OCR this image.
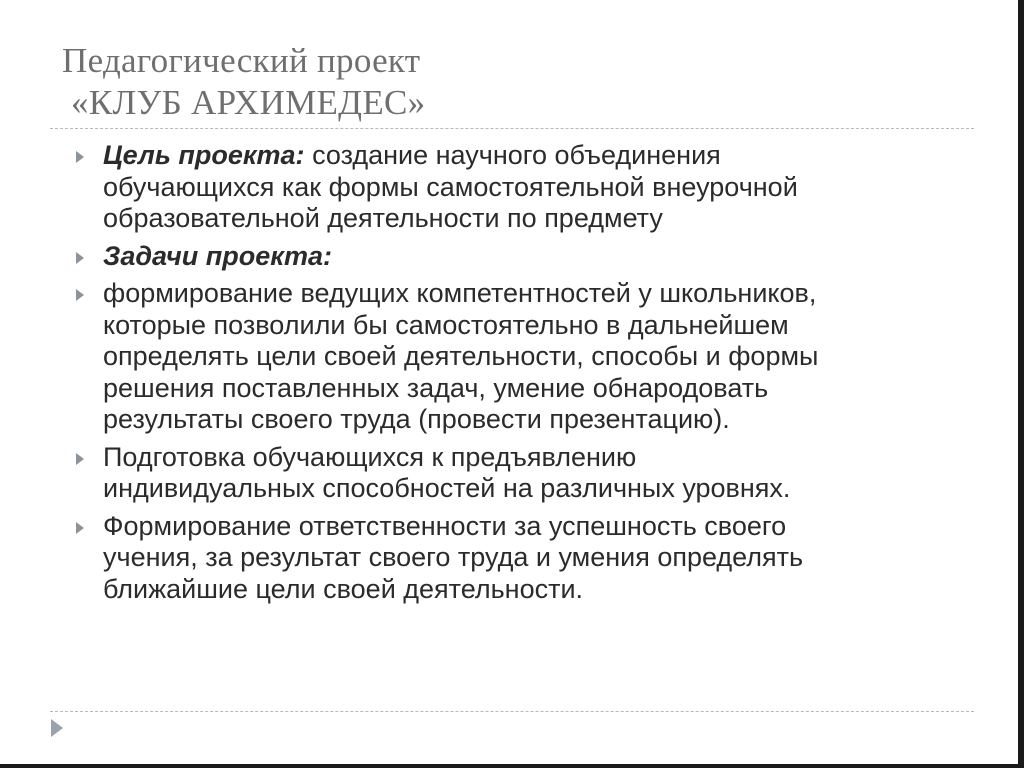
Педагогический проект
«КЛУБ АРХИМЕДЕС»
Цель проекта: создание научного объединения
обучающихся как формы самостоятельной внеурочной
образовательной деятельности по предмету
Задачи проекта:
формирование ведущих компетентностей у школьников,
которые позволили бы самостоятельно в дальнейшем
определять цели своей деятельности, способы и формы
решения поставленных задач, умение обнародовать
результаты своего труда (провести презентацию).
Подготовка обучающихся к предъявлению
индивидуальных способностей на различных уровнях.
Формирование ответственности за успешность своего
учения, за результат своего труда и умения определять
ближайшие цели своей деятельности.
